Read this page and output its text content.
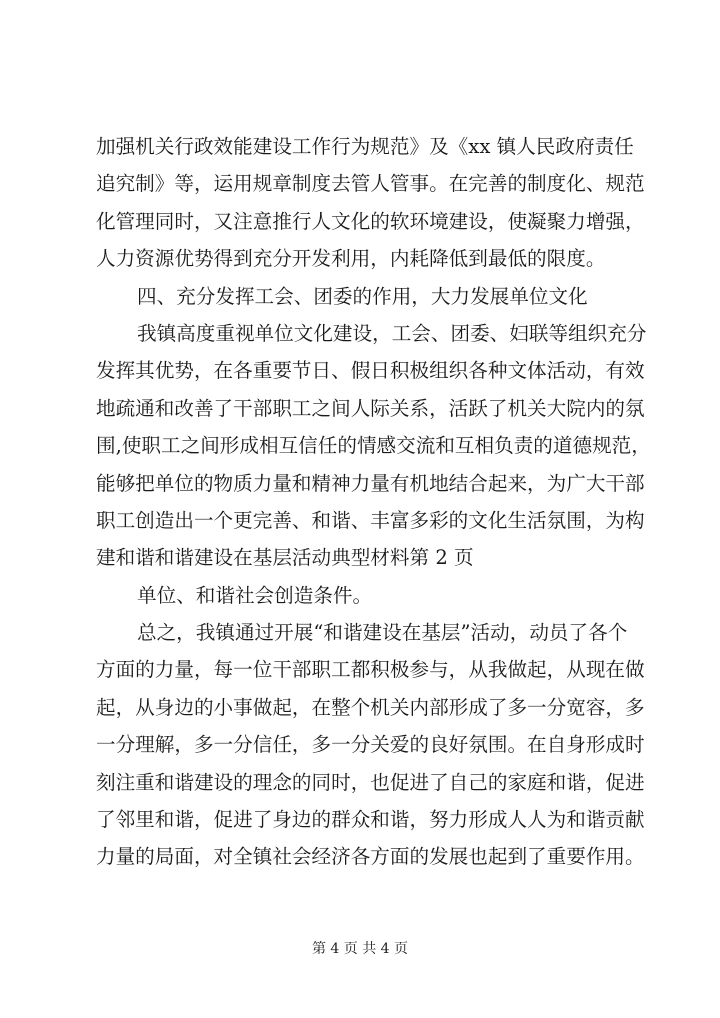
加强机关行政效能建设工作行为规范》及《xx 镇人民政府责任
追究制》等，运用规章制度去管人管事。在完善的制度化、规范
化管理同时，又注意推行人文化的软环境建设，使凝聚力增强，
人力资源优势得到充分开发利用，内耗降低到最低的限度。
四、充分发挥工会、团委的作用，大力发展单位文化
我镇高度重视单位文化建设，工会、团委、妇联等组织充分
发挥其优势，在各重要节日、假日积极组织各种文体活动，有效
地疏通和改善了干部职工之间人际关系，活跃了机关大院内的氛
围,使职工之间形成相互信任的情感交流和互相负责的道德规范，
能够把单位的物质力量和精神力量有机地结合起来，为广大干部
职工创造出一个更完善、和谐、丰富多彩的文化生活氛围，为构
建和谐和谐建设在基层活动典型材料第 2 页
单位、和谐社会创造条件。
总之，我镇通过开展“和谐建设在基层”活动，动员了各个
方面的力量，每一位干部职工都积极参与，从我做起，从现在做
起，从身边的小事做起，在整个机关内部形成了多一分宽容，多
一分理解，多一分信任，多一分关爱的良好氛围。在自身形成时
刻注重和谐建设的理念的同时，也促进了自己的家庭和谐，促进
了邻里和谐，促进了身边的群众和谐，努力形成人人为和谐贡献
力量的局面，对全镇社会经济各方面的发展也起到了重要作用。
第 4 页 共 4 页
